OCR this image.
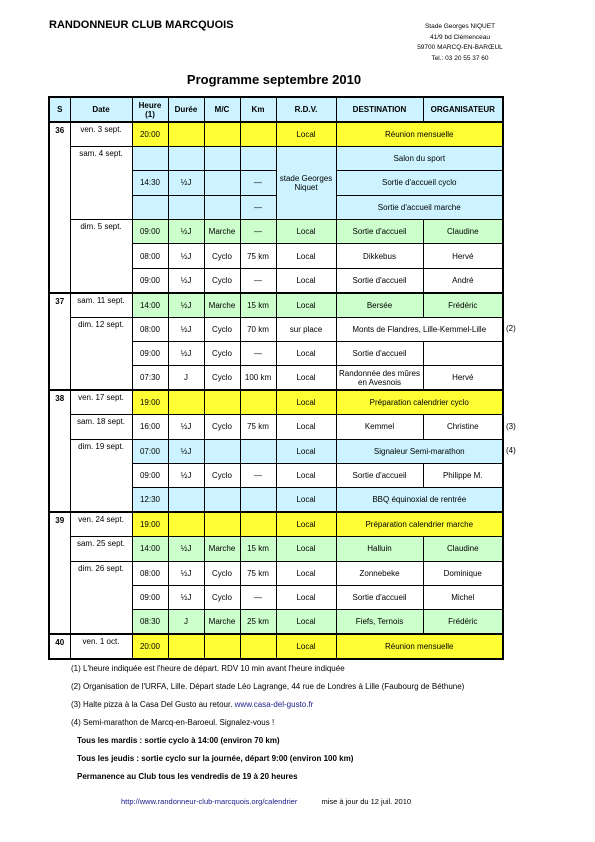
RANDONNEUR CLUB MARCQUOIS	Stade Georges NIQUET
41/9 bd Clémenceau
59700 MARCQ-EN-BARŒUL
Tel.: 03 20 55 37 60
Programme septembre 2010
S	Date	Heure (1)	Durée	M/C	Km	R.D.V.	DESTINATION	ORGANISATEUR
36	ven. 3 sept.	20:00				Local	Réunion mensuelle	
	sam. 4 sept.					stade Georges Niquet	Salon du sport	
		14:30	½J		—		Sortie d'accueil cyclo	
					—		Sortie d'accueil marche	
	dim. 5 sept.	09:00	½J	Marche	—	Local	Sortie d'accueil	Claudine
		08:00	½J	Cyclo	75 km	Local	Dikkebus	Hervé
		09:00	½J	Cyclo	—	Local	Sortie d'accueil	André
37	sam. 11 sept.	14:00	½J	Marche	15 km	Local	Bersée	Frédéric
	dim. 12 sept.	08:00	½J	Cyclo	70 km	sur place	Monts de Flandres, Lille-Kemmel-Lille	
		09:00	½J	Cyclo	—	Local	Sortie d'accueil	
		07:30	J	Cyclo	100 km	Local	Randonnée des mûres en Avesnois	Hervé
38	ven. 17 sept.	19:00				Local	Préparation calendrier cyclo	
	sam. 18 sept.	16:00	½J	Cyclo	75 km	Local	Kemmel	Christine
	dim. 19 sept.	07:00	½J			Local	Signaleur Semi-marathon	
		09:00	½J	Cyclo	—	Local	Sortie d'accueil	Philippe M.
		12:30				Local	BBQ équinoxial de rentrée	
39	ven. 24 sept.	19:00				Local	Préparation calendrier marche	
	sam. 25 sept.	14:00	½J	Marche	15 km	Local	Halluin	Claudine
	dim. 26 sept.	08:00	½J	Cyclo	75 km	Local	Zonnebeke	Dominique
		09:00	½J	Cyclo	—	Local	Sortie d'accueil	Michel
		08:30	J	Marche	25 km	Local	Fiefs, Ternois	Frédéric
40	ven. 1 oct.	20:00				Local	Réunion mensuelle	
(1) L'heure indiquée est l'heure de départ. RDV 10 min avant l'heure indiquée
(2) Organisation de l'URFA, Lille. Départ stade Léo Lagrange, 44 rue de Londres à Lille (Faubourg de Béthune)
(3) Halte pizza à la Casa Del Gusto au retour. www.casa-del-gusto.fr
(4) Semi-marathon de Marcq-en-Baroeul. Signalez-vous !
Tous les mardis : sortie cyclo à 14:00 (environ 70 km)
Tous les jeudis : sortie cyclo sur la journée, départ 9:00 (environ 100 km)
Permanence au Club tous les vendredis de 19 à 20 heures
http://www.randonneur-club-marcquois.org/calendrier	mise à jour du 12 juil. 2010
(2)
(3)
(4)
